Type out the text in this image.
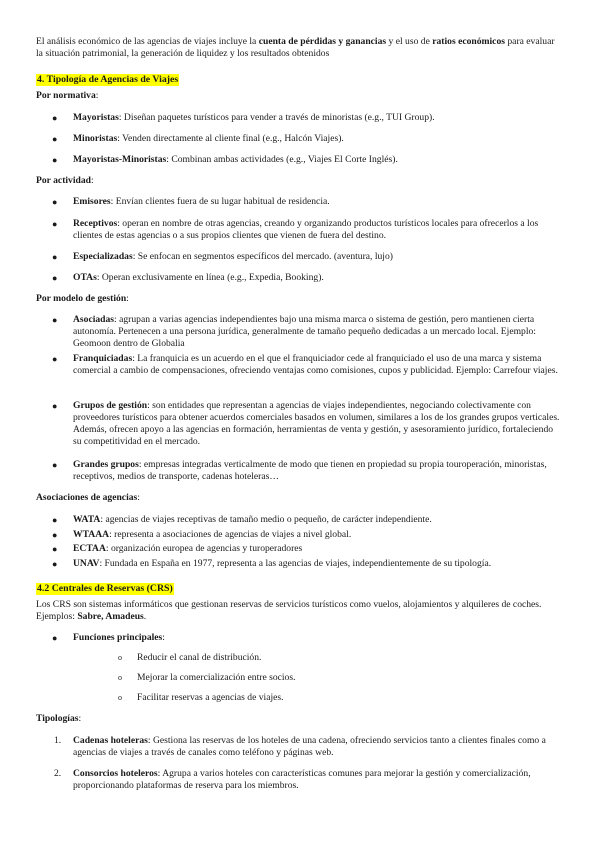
El análisis económico de las agencias de viajes incluye la cuenta de pérdidas y ganancias y el uso de ratios económicos para evaluar la situación patrimonial, la generación de liquidez y los resultados obtenidos

4. Tipología de Agencias de Viajes
Por normativa:
●	Mayoristas: Diseñan paquetes turísticos para vender a través de minoristas (e.g., TUI Group).

●	Minoristas: Venden directamente al cliente final (e.g., Halcón Viajes).

●	Mayoristas-Minoristas: Combinan ambas actividades (e.g., Viajes El Corte Inglés).

Por actividad:
●	Emisores: Envían clientes fuera de su lugar habitual de residencia.

●	Receptivos: operan en nombre de otras agencias, creando y organizando productos turísticos locales para ofrecerlos a los clientes de estas agencias o a sus propios clientes que vienen de fuera del destino.

●	Especializadas: Se enfocan en segmentos específicos del mercado. (aventura, lujo)

●	OTAs: Operan exclusivamente en línea (e.g., Expedia, Booking).

Por modelo de gestión:
●	Asociadas: agrupan a varias agencias independientes bajo una misma marca o sistema de gestión, pero mantienen cierta autonomía. Pertenecen a una persona jurídica, generalmente de tamaño pequeño dedicadas a un mercado local. Ejemplo: Geomoon dentro de Globalia

●	Franquiciadas: La franquicia es un acuerdo en el que el franquiciador cede al franquiciado el uso de una marca y sistema comercial a cambio de compensaciones, ofreciendo ventajas como comisiones, cupos y publicidad. Ejemplo: Carrefour viajes.

●	Grupos de gestión: son entidades que representan a agencias de viajes independientes, negociando colectivamente con proveedores turísticos para obtener acuerdos comerciales basados en volumen, similares a los de los grandes grupos verticales. Además, ofrecen apoyo a las agencias en formación, herramientas de venta y gestión, y asesoramiento jurídico, fortaleciendo su competitividad en el mercado.

●	Grandes grupos: empresas integradas verticalmente de modo que tienen en propiedad su propia touroperación, minoristas, receptivos, medios de transporte, cadenas hoteleras…

Asociaciones de agencias:
●	WATA: agencias de viajes receptivas de tamaño medio o pequeño, de carácter independiente.

●	WTAAA: representa a asociaciones de agencias de viajes a nivel global.

●	ECTAA: organización europea de agencias y turoperadores

●	UNAV: Fundada en España en 1977, representa a las agencias de viajes, independientemente de su tipología.

4.2 Centrales de Reservas (CRS)

Los CRS son sistemas informáticos que gestionan reservas de servicios turísticos como vuelos, alojamientos y alquileres de coches. Ejemplos: Sabre, Amadeus.

●	Funciones principales:

o	Reducir el canal de distribución.

o	Mejorar la comercialización entre socios.

o	Facilitar reservas a agencias de viajes.

Tipologías:
1.	Cadenas hoteleras: Gestiona las reservas de los hoteles de una cadena, ofreciendo servicios tanto a clientes finales como a agencias de viajes a través de canales como teléfono y páginas web.

2.	Consorcios hoteleros: Agrupa a varios hoteles con características comunes para mejorar la gestión y comercialización, proporcionando plataformas de reserva para los miembros.
